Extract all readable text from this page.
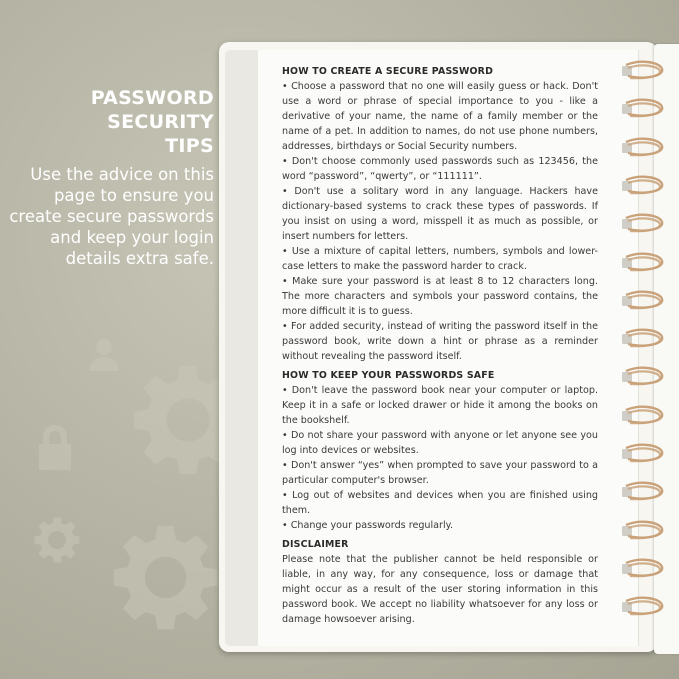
PASSWORD
SECURITY
TIPS
Use the advice on this page to ensure you create secure passwords and keep your login details extra safe.
HOW TO CREATE A SECURE PASSWORD

• Choose a password that no one will easily guess or hack. Don't use a word or phrase of special importance to you - like a derivative of your name, the name of a family member or the name of a pet. In addition to names, do not use phone numbers, addresses, birthdays or Social Security numbers.

• Don't choose commonly used passwords such as 123456, the word “password”, “qwerty”, or “111111”.

• Don't use a solitary word in any language. Hackers have dictionary-based systems to crack these types of passwords. If you insist on using a word, misspell it as much as possible, or insert numbers for letters.

• Use a mixture of capital letters, numbers, symbols and lower-case letters to make the password harder to crack.

• Make sure your password is at least 8 to 12 characters long. The more characters and symbols your password contains, the more difficult it is to guess.

• For added security, instead of writing the password itself in the password book, write down a hint or phrase as a reminder without revealing the password itself.

HOW TO KEEP YOUR PASSWORDS SAFE

• Don't leave the password book near your computer or laptop. Keep it in a safe or locked drawer or hide it among the books on the bookshelf.

• Do not share your password with anyone or let anyone see you log into devices or websites.

• Don't answer “yes” when prompted to save your password to a particular computer's browser.

• Log out of websites and devices when you are finished using them.

• Change your passwords regularly.

DISCLAIMER

Please note that the publisher cannot be held responsible or liable, in any way, for any consequence, loss or damage that might occur as a result of the user storing information in this password book. We accept no liability whatsoever for any loss or damage howsoever arising.
